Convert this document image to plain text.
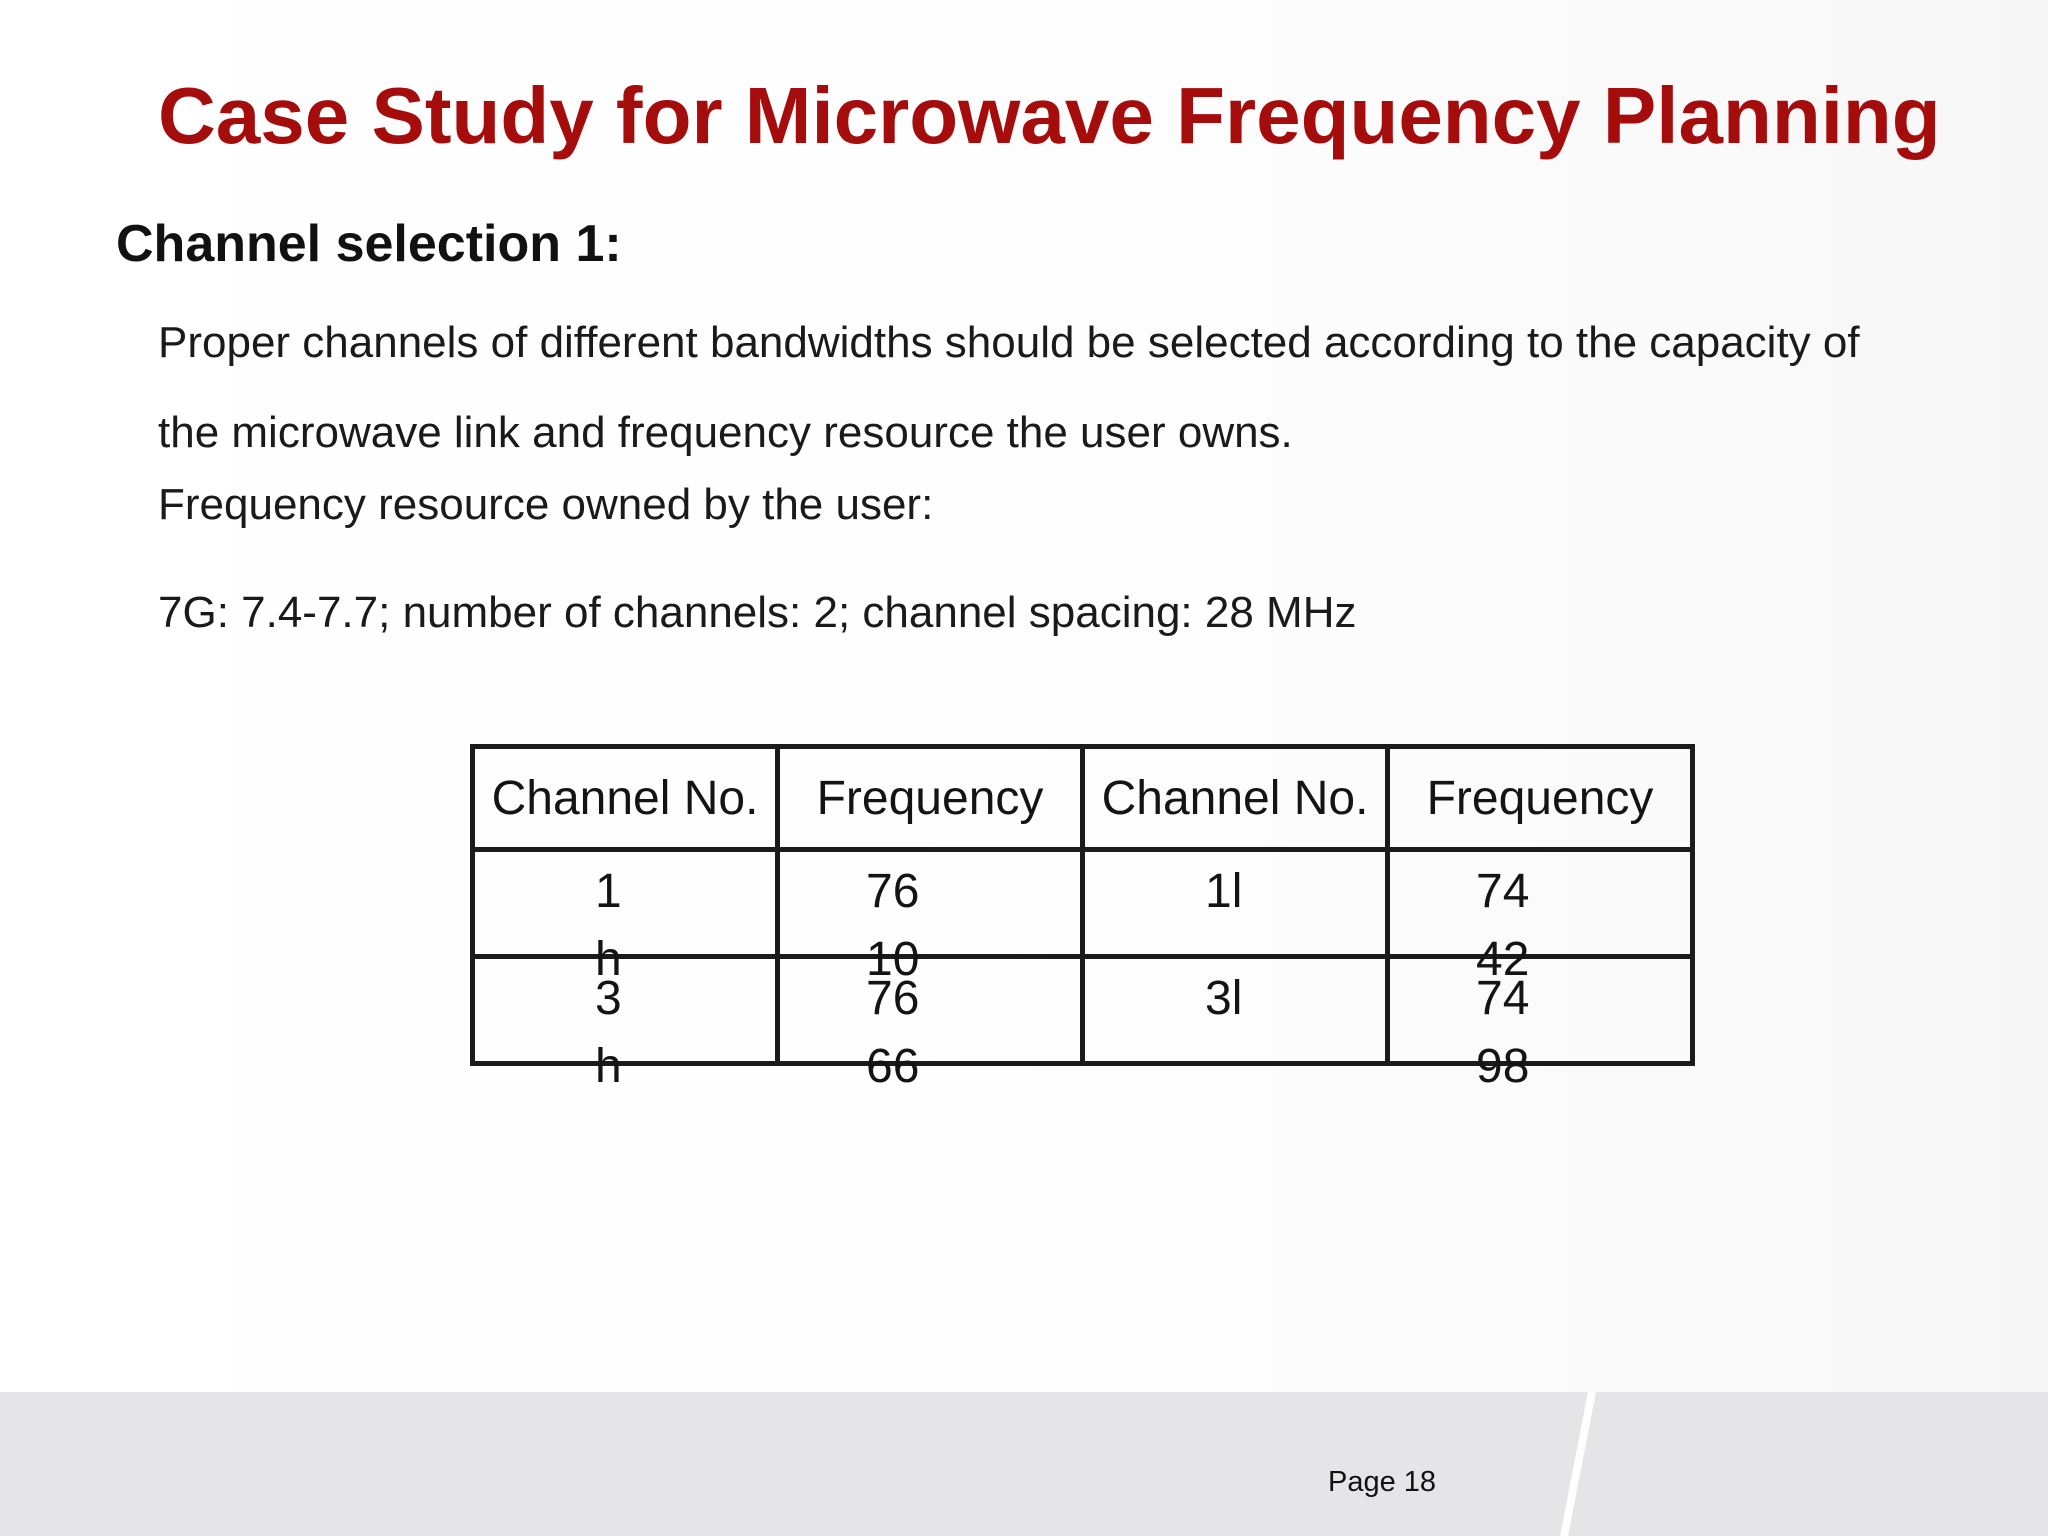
Case Study for Microwave Frequency Planning
Channel selection 1:

Proper channels of different bandwidths should be selected according to the capacity of

the microwave link and frequency resource the user owns.

Frequency resource owned by the user:

7G: 7.4-7.7; number of channels: 2; channel spacing: 28 MHz

Channel No.	Frequency	Channel No.	Frequency

1h	7610	1l	7442

3h	7666	3l	7498

Page 18
